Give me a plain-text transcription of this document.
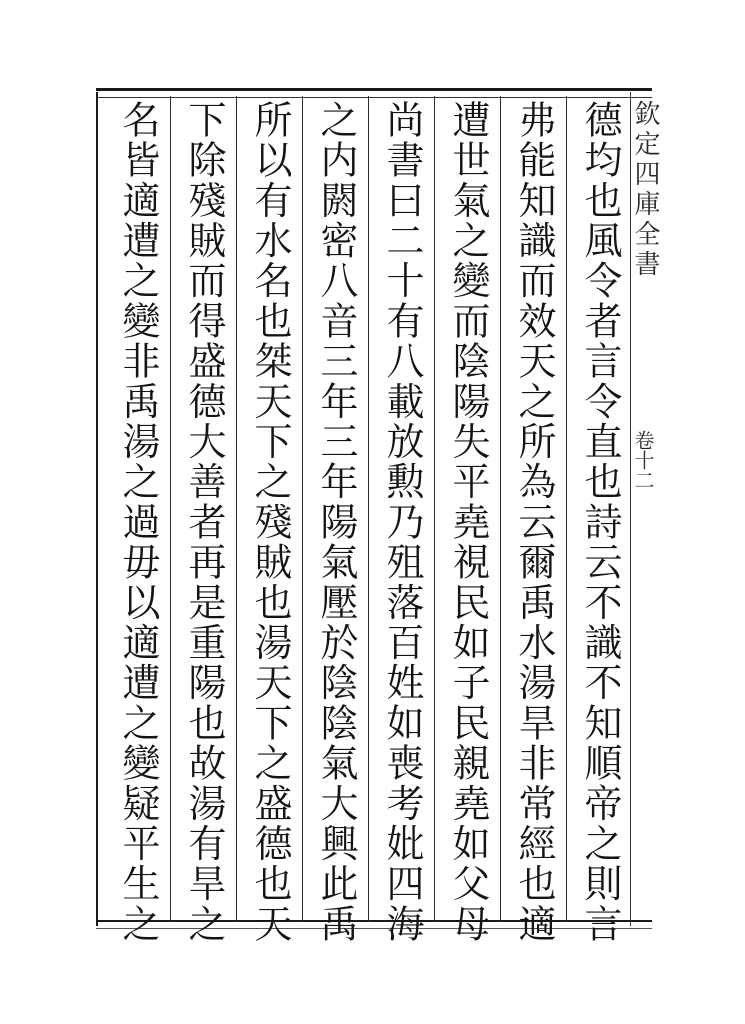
欽定四庫全書
卷十二
德均也風令者言令直也詩云不識不知順帝之則言
弗能知識而效天之所為云爾禹水湯旱非常經也適
遭世氣之變而陰陽失平堯視民如子民親堯如父母
尚書曰二十有八載放勲乃殂落百姓如喪考妣四海
之内閼密八音三年三年陽氣壓於陰陰氣大興此禹
所以有水名也桀天下之殘賊也湯天下之盛德也天
下除殘賊而得盛德大善者再是重陽也故湯有旱之
名皆適遭之變非禹湯之過毋以適遭之變疑平生之
